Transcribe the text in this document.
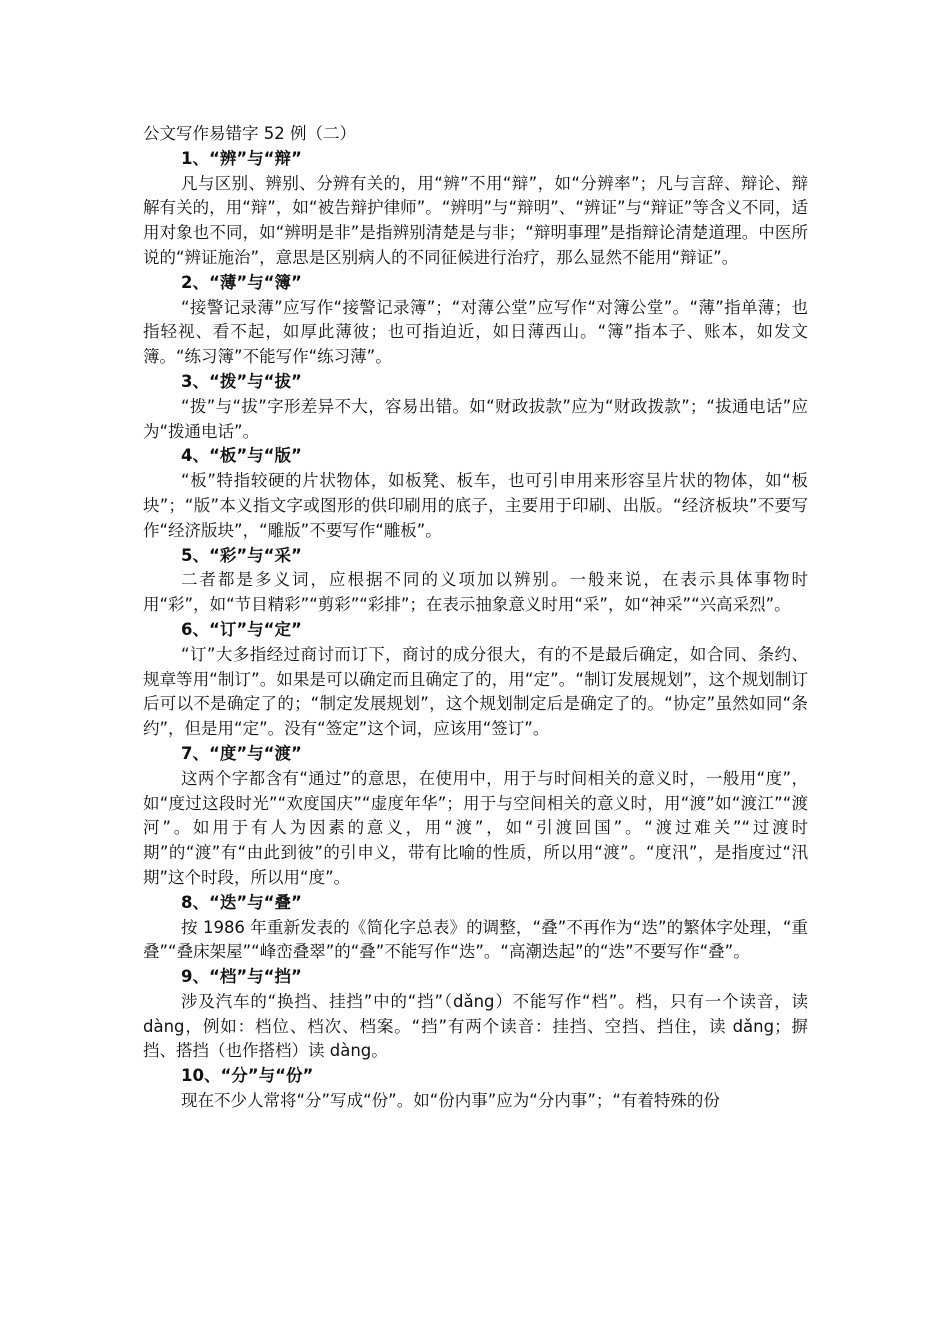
公文写作易错字 52 例（二）

1、“辨”与“辩”

凡与区别、辨别、分辨有关的，用“辨”不用“辩”，如“分辨率”；凡与言辞、辩论、辩解有关的，用“辩”，如“被告辩护律师”。“辨明”与“辩明”、“辨证”与“辩证”等含义不同，适用对象也不同，如“辨明是非”是指辨别清楚是与非；“辩明事理”是指辩论清楚道理。中医所说的“辨证施治”，意思是区别病人的不同征候进行治疗，那么显然不能用“辩证”。

2、“薄”与“簿”

“接警记录薄”应写作“接警记录簿”；“对薄公堂”应写作“对簿公堂”。“薄”指单薄；也指轻视、看不起，如厚此薄彼；也可指迫近，如日薄西山。“簿”指本子、账本，如发文簿。“练习簿”不能写作“练习薄”。

3、“拨”与“拔”

“拨”与“拔”字形差异不大，容易出错。如“财政拔款”应为“财政拨款”；“拔通电话”应为“拨通电话”。

4、“板”与“版”

“板”特指较硬的片状物体，如板凳、板车，也可引申用来形容呈片状的物体，如“板块”；“版”本义指文字或图形的供印刷用的底子，主要用于印刷、出版。“经济板块”不要写作“经济版块”，“雕版”不要写作“雕板”。

5、“彩”与“采”

二者都是多义词，应根据不同的义项加以辨别。一般来说，在表示具体事物时用“彩”，如“节目精彩”“剪彩”“彩排”；在表示抽象意义时用“采”，如“神采”“兴高采烈”。

6、“订”与“定”

“订”大多指经过商讨而订下，商讨的成分很大，有的不是最后确定，如合同、条约、规章等用“制订”。如果是可以确定而且确定了的，用“定”。“制订发展规划”，这个规划制订后可以不是确定了的；“制定发展规划”，这个规划制定后是确定了的。“协定”虽然如同“条约”，但是用“定”。没有“签定”这个词，应该用“签订”。

7、“度”与“渡”

这两个字都含有“通过”的意思，在使用中，用于与时间相关的意义时，一般用“度”，如“度过这段时光”“欢度国庆”“虚度年华”；用于与空间相关的意义时，用“渡”如“渡江”“渡河”。如用于有人为因素的意义，用“渡”，如“引渡回国”。“渡过难关”“过渡时期”的“渡”有“由此到彼”的引申义，带有比喻的性质，所以用“渡”。“度汛”，是指度过“汛期”这个时段，所以用“度”。

8、“迭”与“叠”

按 1986 年重新发表的《简化字总表》的调整，“叠”不再作为“迭”的繁体字处理，“重叠”“叠床架屋”“峰峦叠翠”的“叠”不能写作“迭”。“高潮迭起”的“迭”不要写作“叠”。

9、“档”与“挡”

涉及汽车的“换挡、挂挡”中的“挡”（dǎng）不能写作“档”。档，只有一个读音，读 dàng，例如：档位、档次、档案。“挡”有两个读音：挂挡、空挡、挡住，读 dǎng；摒挡、搭挡（也作搭档）读 dàng。

10、“分”与“份”

现在不少人常将“分”写成“份”。如“份内事”应为“分内事”；“有着特殊的份
